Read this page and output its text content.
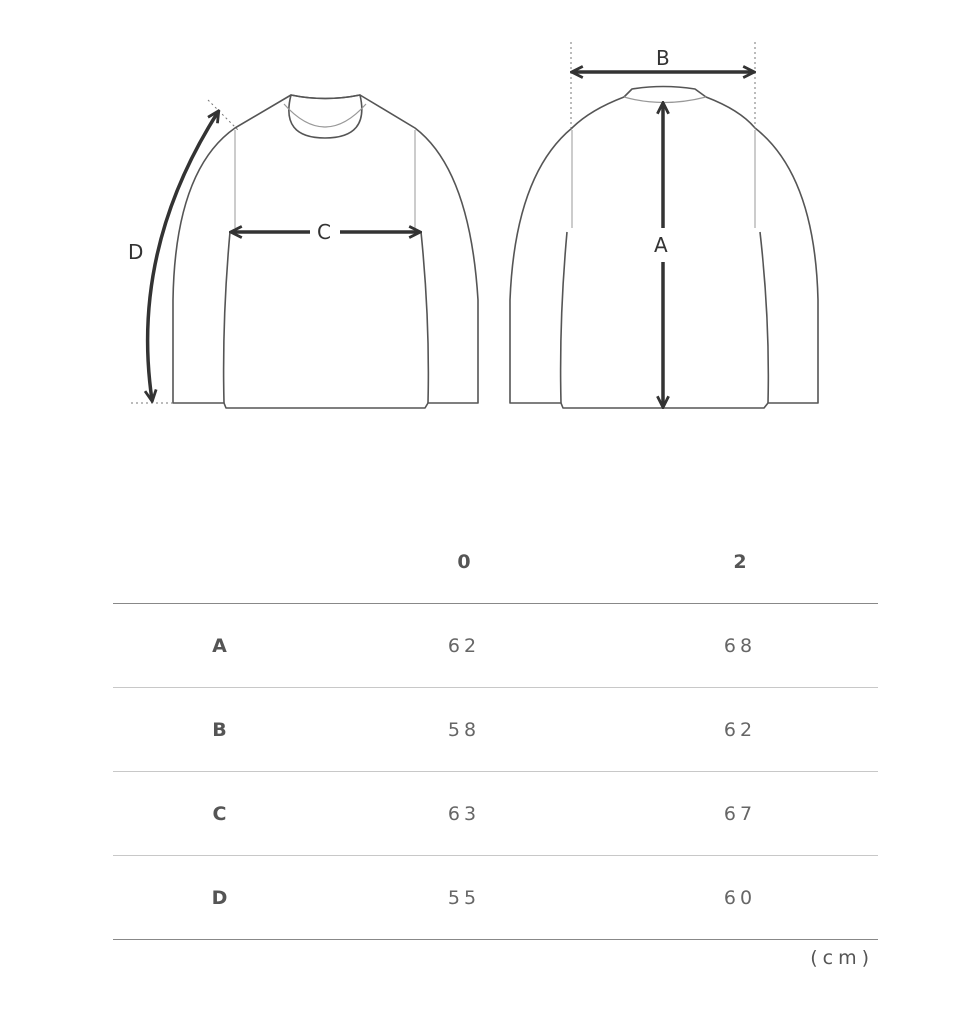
D
C
B
A
	0	2
A	62	68
B	58	62
C	63	67
D	55	60
(cm)
